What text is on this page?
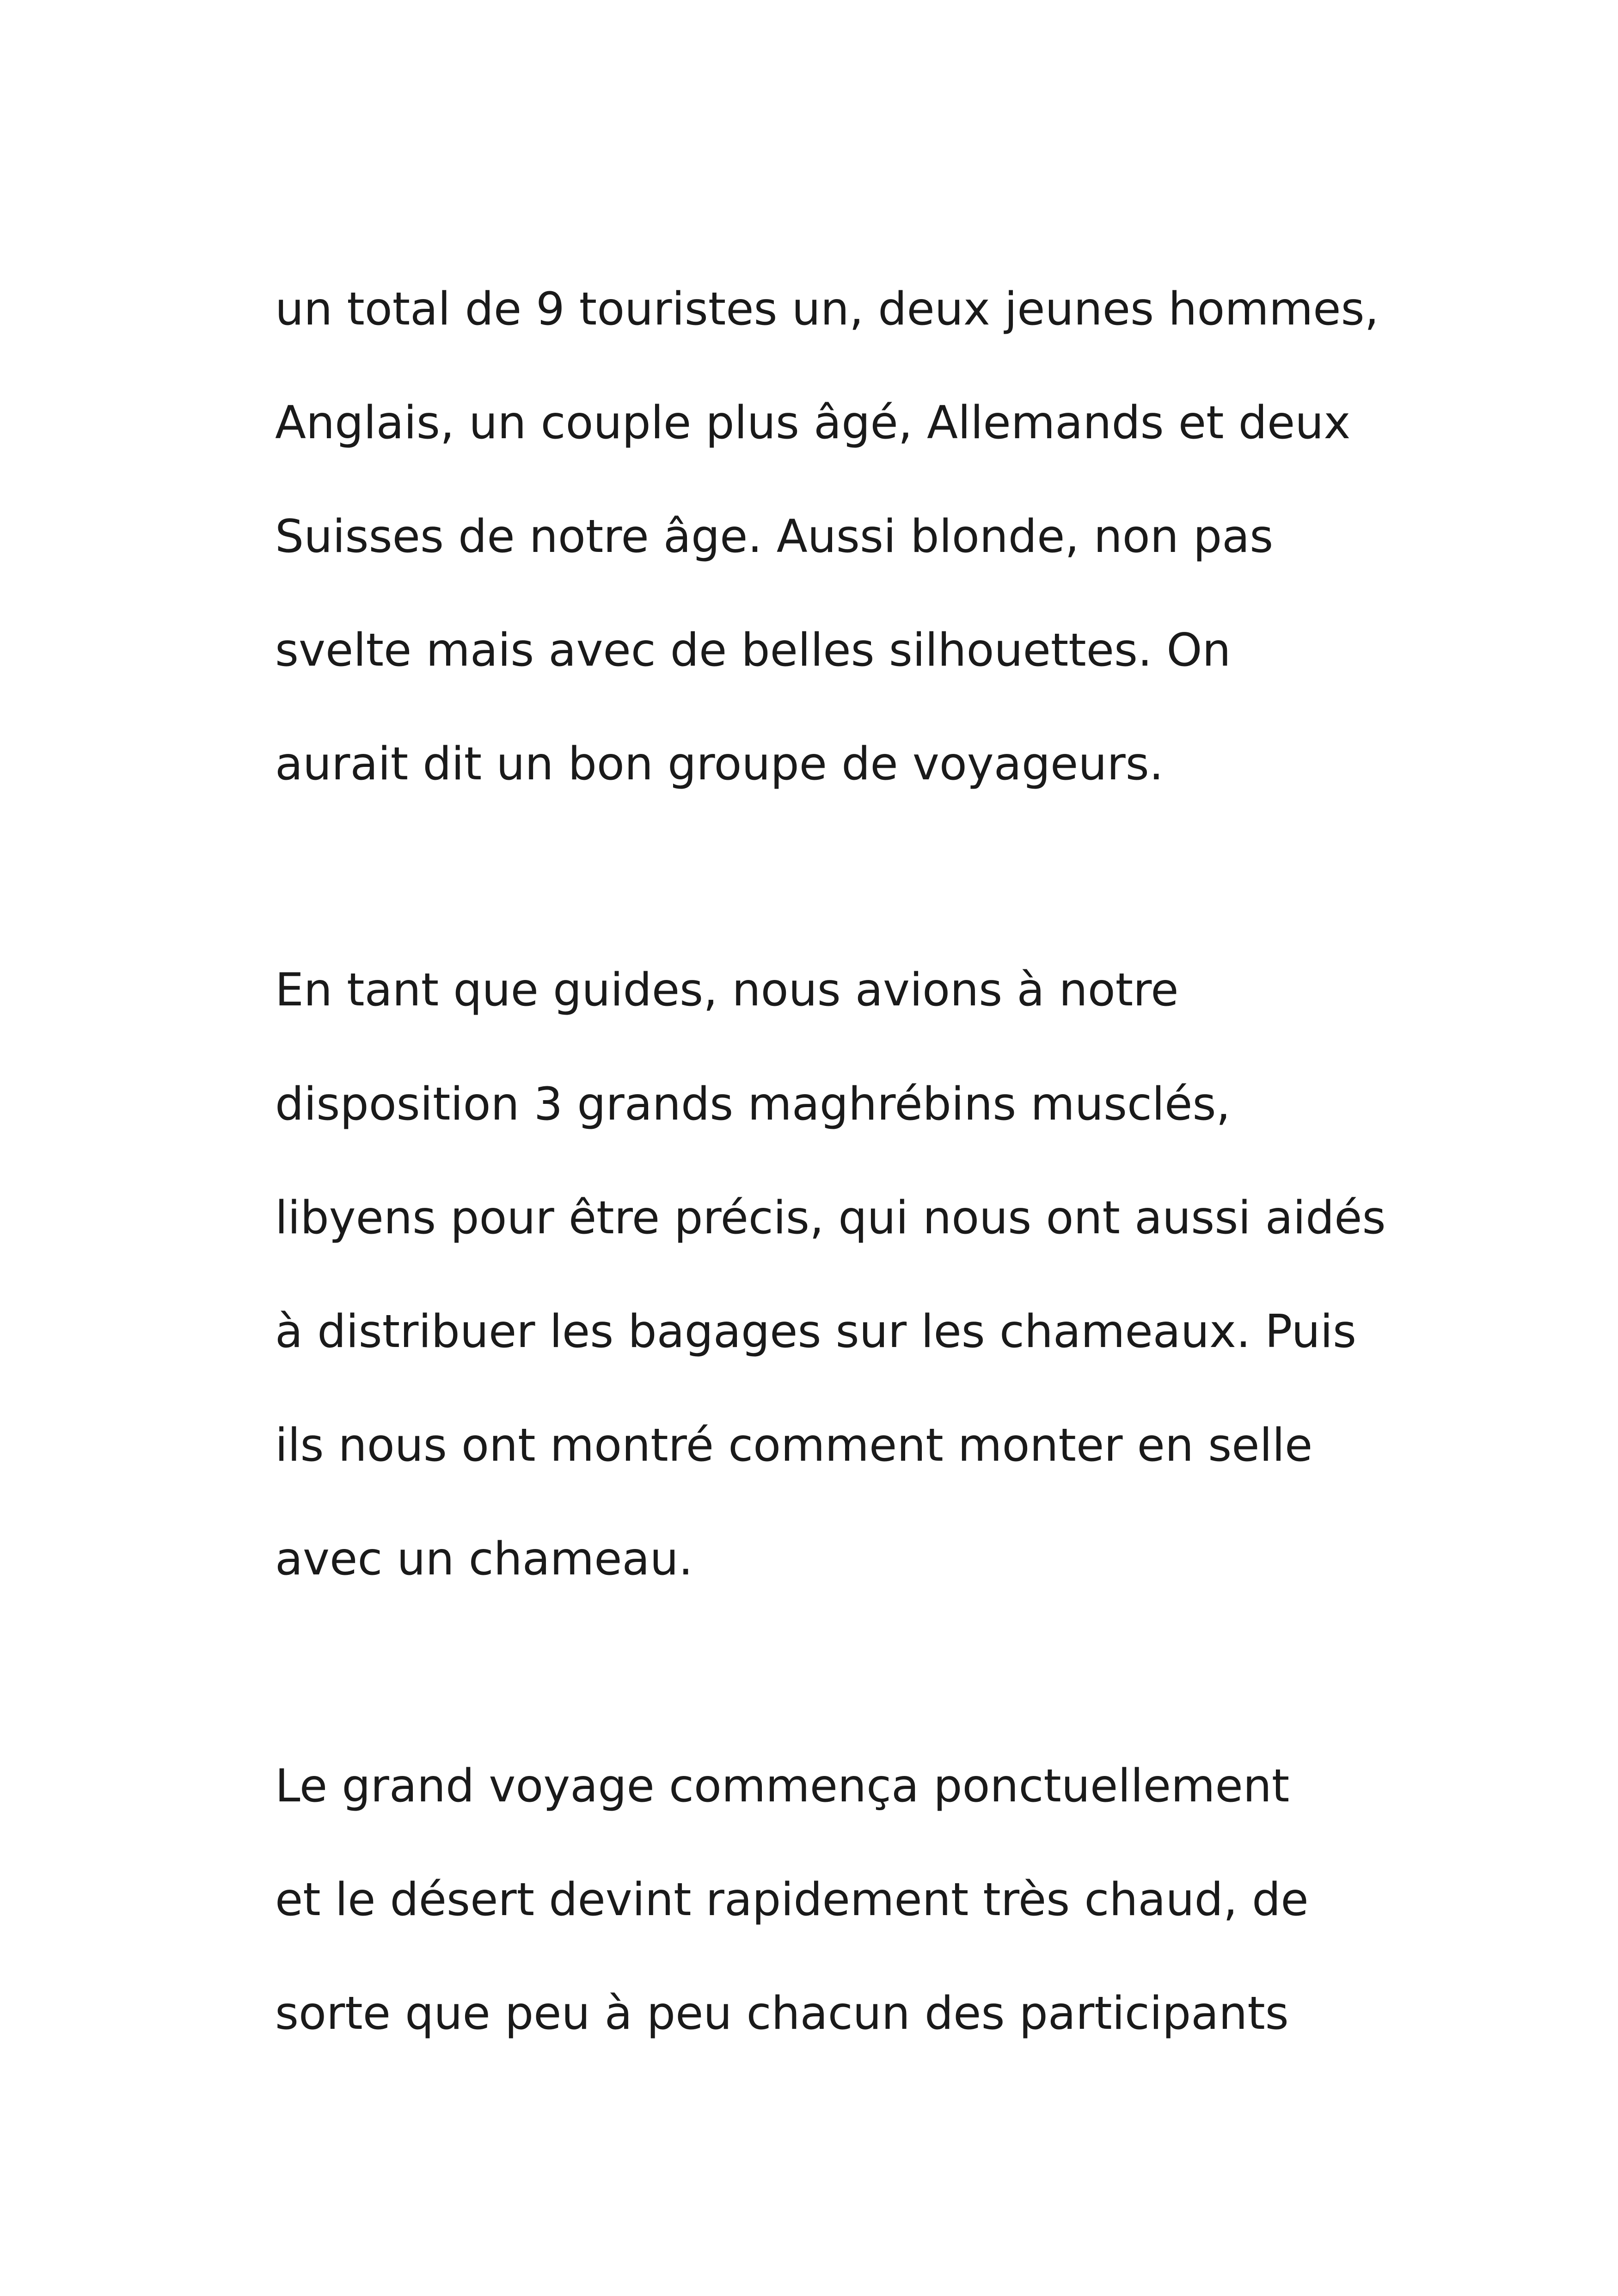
un total de 9 touristes un, deux jeunes hommes,

Anglais, un couple plus âgé, Allemands et deux

Suisses de notre âge. Aussi blonde, non pas

svelte mais avec de belles silhouettes. On

aurait dit un bon groupe de voyageurs.

En tant que guides, nous avions à notre

disposition 3 grands maghrébins musclés,

libyens pour être précis, qui nous ont aussi aidés

à distribuer les bagages sur les chameaux. Puis

ils nous ont montré comment monter en selle

avec un chameau.

Le grand voyage commença ponctuellement

et le désert devint rapidement très chaud, de

sorte que peu à peu chacun des participants
